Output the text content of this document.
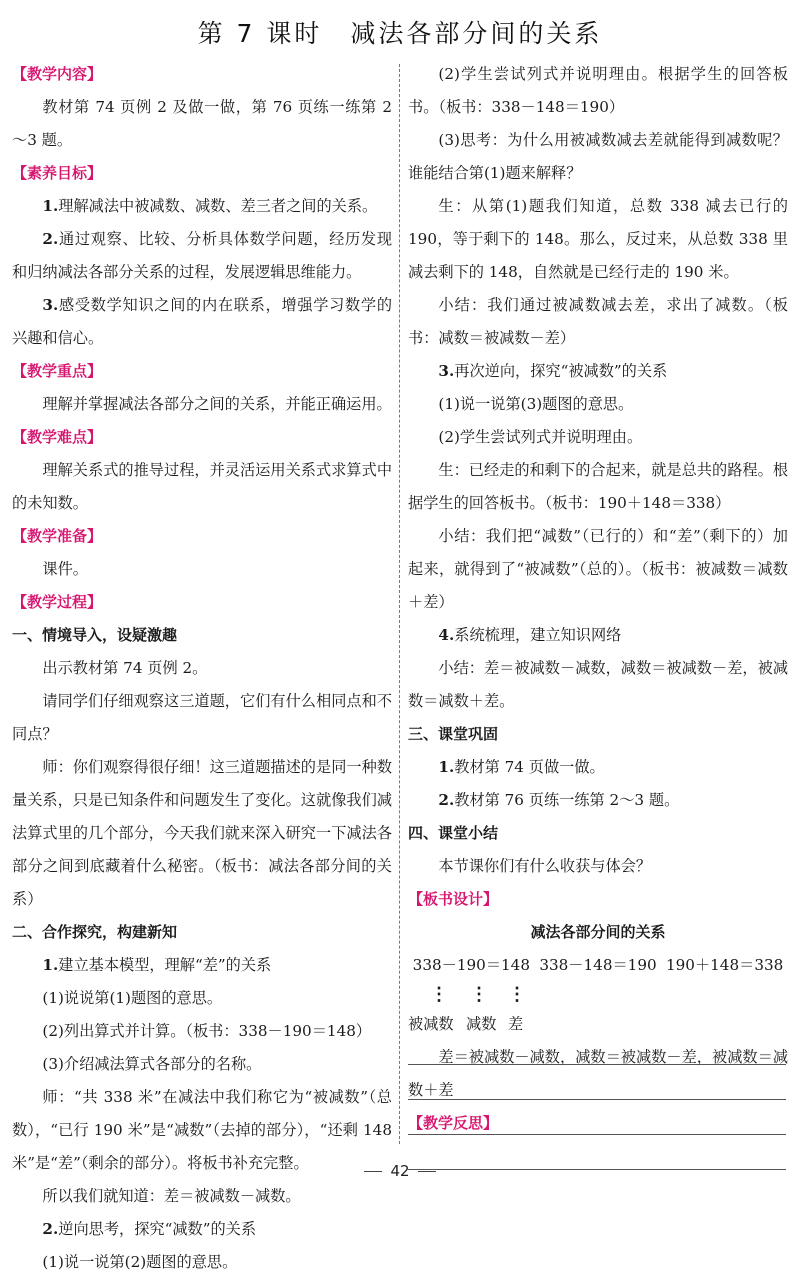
第 7 课时 减法各部分间的关系

【教学内容】

教材第 74 页例 2 及做一做，第 76 页练一练第 2～3 题。

【素养目标】

1.理解减法中被减数、减数、差三者之间的关系。

2.通过观察、比较、分析具体数学问题，经历发现和归纳减法各部分关系的过程，发展逻辑思维能力。

3.感受数学知识之间的内在联系，增强学习数学的兴趣和信心。

【教学重点】

理解并掌握减法各部分之间的关系，并能正确运用。

【教学难点】

理解关系式的推导过程，并灵活运用关系式求算式中的未知数。

【教学准备】

课件。

【教学过程】

一、情境导入，设疑激趣

出示教材第 74 页例 2。

请同学们仔细观察这三道题，它们有什么相同点和不同点？

师：你们观察得很仔细！这三道题描述的是同一种数量关系，只是已知条件和问题发生了变化。这就像我们减法算式里的几个部分，今天我们就来深入研究一下减法各部分之间到底藏着什么秘密。（板书：减法各部分间的关系）

二、合作探究，构建新知

1.建立基本模型，理解“差”的关系

(1)说说第(1)题图的意思。

(2)列出算式并计算。（板书：338－190＝148）

(3)介绍减法算式各部分的名称。

师：“共 338 米”在减法中我们称它为“被减数”（总数），“已行 190 米”是“减数”（去掉的部分），“还剩 148 米”是“差”（剩余的部分）。将板书补充完整。

所以我们就知道：差＝被减数－减数。

2.逆向思考，探究“减数”的关系

(1)说一说第(2)题图的意思。

(2)学生尝试列式并说明理由。根据学生的回答板书。（板书：338－148＝190）

(3)思考：为什么用被减数减去差就能得到减数呢？谁能结合第(1)题来解释？

生：从第(1)题我们知道，总数 338 减去已行的 190，等于剩下的 148。那么，反过来，从总数 338 里减去剩下的 148，自然就是已经行走的 190 米。

小结：我们通过被减数减去差，求出了减数。（板书：减数＝被减数－差）

3.再次逆向，探究“被减数”的关系

(1)说一说第(3)题图的意思。

(2)学生尝试列式并说明理由。

生：已经走的和剩下的合起来，就是总共的路程。根据学生的回答板书。（板书：190＋148＝338）

小结：我们把“减数”（已行的）和“差”（剩下的）加起来，就得到了“被减数”（总的）。（板书：被减数＝减数＋差）

4.系统梳理，建立知识网络

小结：差＝被减数－减数，减数＝被减数－差，被减数＝减数＋差。

三、课堂巩固

1.教材第 74 页做一做。

2.教材第 76 页练一练第 2～3 题。

四、课堂小结

本节课你们有什么收获与体会？

【板书设计】

减法各部分间的关系

338－190＝148 338－148＝190 190＋148＝338

⋮ ⋮ ⋮
被减数 减数 差

差＝被减数－减数，减数＝被减数－差，被减数＝减数＋差

【教学反思】

42
